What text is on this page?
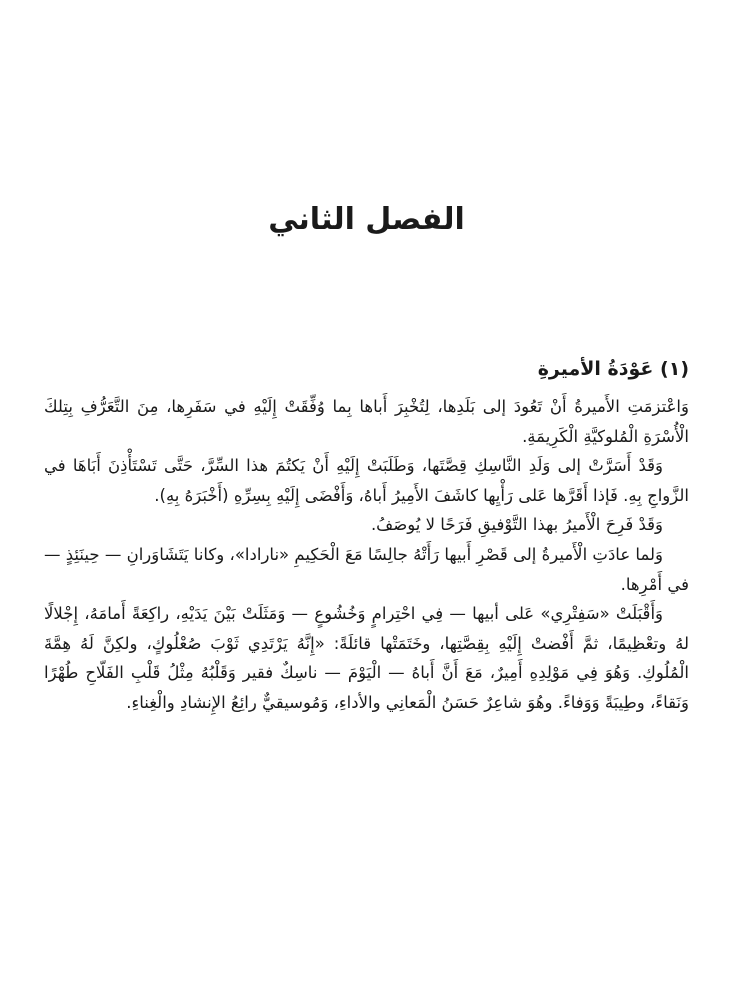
الفصل الثاني
(١) عَوْدَةُ الأميرةِ

وَاعْتزمَتِ الأَميرةُ أَنْ تَعُودَ إلى بَلَدِها، لِتُخْبِرَ أَباها بِما وُفِّقَتْ إِلَيْهِ في سَفَرِها، مِنَ التَّعَرُّفِ بِتِلكَ الْأُسْرَةِ الْمُلوكيَّةِ الْكَرِيمَةِ.

وَقَدْ أَسَرَّتْ إلى وَلَدِ النَّاسِكِ قِصَّتَها، وَطَلَبَتْ إِلَيْهِ أَنْ يَكتُمَ هذا السِّرَّ، حَتَّى تَسْتَأْذِنَ أَبَاهَا في الزَّواجِ بِهِ. فَإذا أَقَرَّها عَلى رَأْيِها كاشَفَ الأَمِيرُ أَباهُ، وَأَفْضَى إِلَيْهِ بِسِرِّهِ (أَخْبَرَهُ بِهِ).

وَقَدْ فَرِحَ الْأَميرُ بهذا التَّوْفيقِ فَرَحًا لا يُوصَفُ.

وَلما عادَتِ الْأَميرةُ إلى قَصْرِ أَبيها رَأَتْهُ جالِسًا مَعَ الْحَكِيمِ «نارادا»، وكانا يَتَشَاوَرانِ — حِينَئِذٍ — في أَمْرِها.

وَأَقْبَلَتْ «سَفِتْرِي» عَلى أبيها — فِي احْتِرامٍ وَخُشُوعٍ — وَمَثَلَتْ بَيْنَ يَدَيْهِ، راكِعَةً أَمامَهُ، إِجْلالًا لهُ وتعْظِيمًا، ثمَّ أَفْضتْ إِلَيْهِ بِقِصَّتِها، وخَتَمَتْها قائلَةً: «إِنَّهُ يَرْتَدِي ثَوْبَ صُعْلُوكٍ، ولكِنَّ لَهُ هِمَّةَ الْمُلُوكِ. وَهُوَ فِي مَوْلِدِهِ أَمِيرٌ، مَعَ أَنَّ أَباهُ — الْيَوْمَ — ناسِكٌ فقير وَقَلْبُهُ مِثْلُ قَلْبِ الفَلّاحِ طُهْرًا وَنَقاءً، وطِيبَةً وَوَفاءً. وهُوَ شاعِرٌ حَسَنُ الْمَعانِي والأداءِ، وَمُوسيقيٌّ رائِعُ الإِنشادِ والْغِناءِ.
